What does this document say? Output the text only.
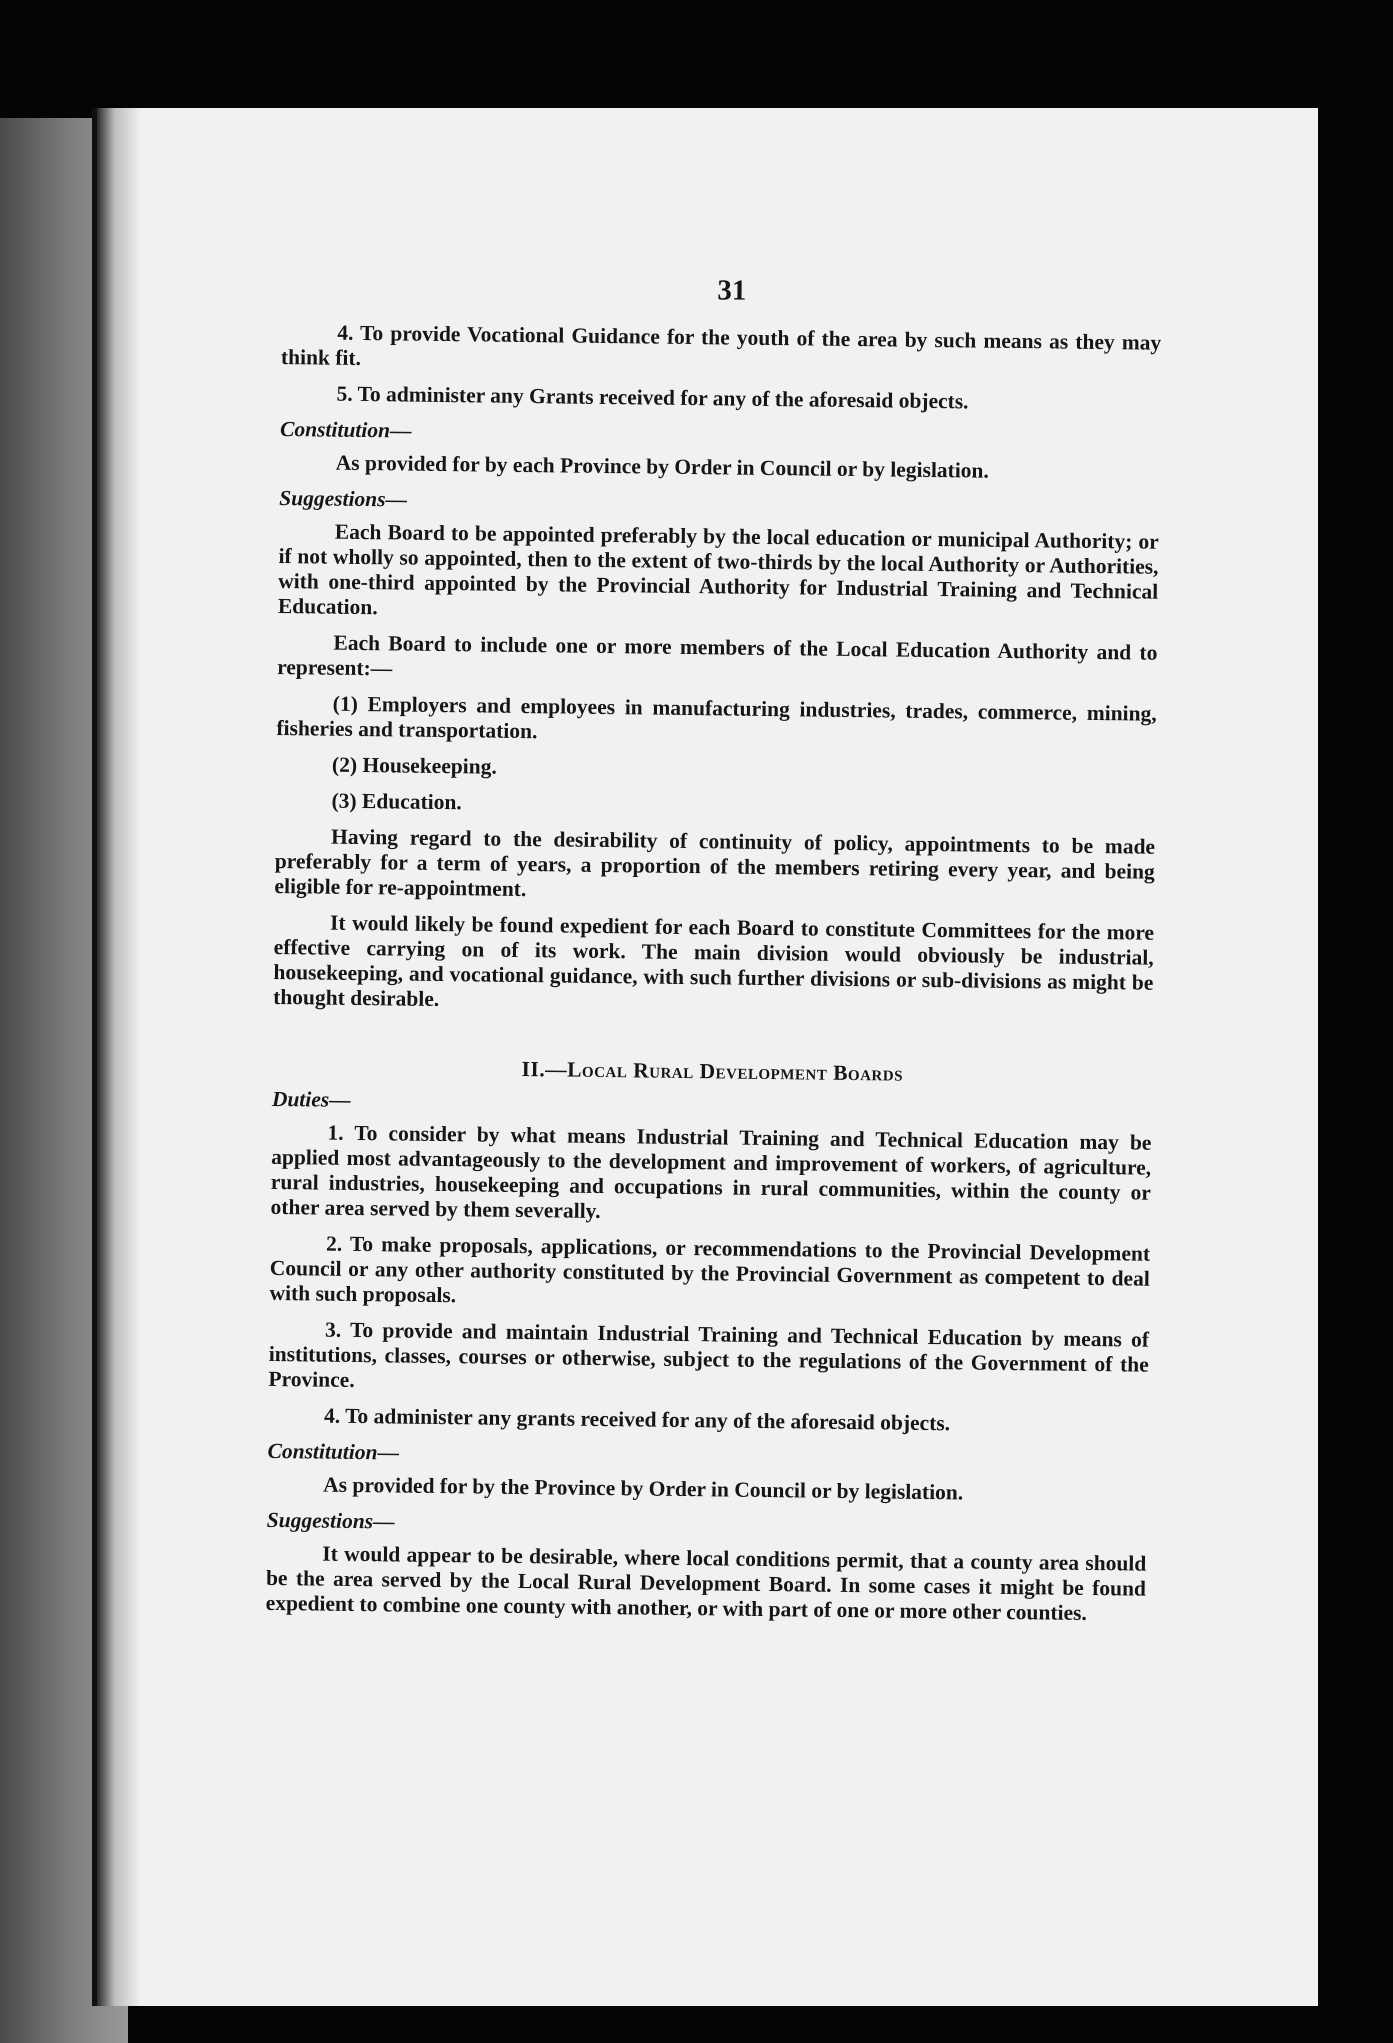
31

4. To provide Vocational Guidance for the youth of the area by such means as they may think fit.

5. To administer any Grants received for any of the aforesaid objects.

Constitution—

As provided for by each Province by Order in Council or by legislation.

Suggestions—

Each Board to be appointed preferably by the local education or municipal Authority; or if not wholly so appointed, then to the extent of two-thirds by the local Authority or Authorities, with one-third appointed by the Provincial Authority for Industrial Training and Technical Education.

Each Board to include one or more members of the Local Education Authority and to represent:—

(1) Employers and employees in manufacturing industries, trades, commerce, mining, fisheries and transportation.

(2) Housekeeping.

(3) Education.

Having regard to the desirability of continuity of policy, appointments to be made preferably for a term of years, a proportion of the members retiring every year, and being eligible for re-appointment.

It would likely be found expedient for each Board to constitute Committees for the more effective carrying on of its work. The main division would obviously be industrial, housekeeping, and vocational guidance, with such further divisions or sub-divisions as might be thought desirable.

II.—Local Rural Development Boards

Duties—

1. To consider by what means Industrial Training and Technical Education may be applied most advantageously to the development and improvement of workers, of agriculture, rural industries, housekeeping and occupations in rural communities, within the county or other area served by them severally.

2. To make proposals, applications, or recommendations to the Provincial Development Council or any other authority constituted by the Provincial Government as competent to deal with such proposals.

3. To provide and maintain Industrial Training and Technical Education by means of institutions, classes, courses or otherwise, subject to the regulations of the Government of the Province.

4. To administer any grants received for any of the aforesaid objects.

Constitution—

As provided for by the Province by Order in Council or by legislation.

Suggestions—

It would appear to be desirable, where local conditions permit, that a county area should be the area served by the Local Rural Development Board. In some cases it might be found expedient to combine one county with another, or with part of one or more other counties.
